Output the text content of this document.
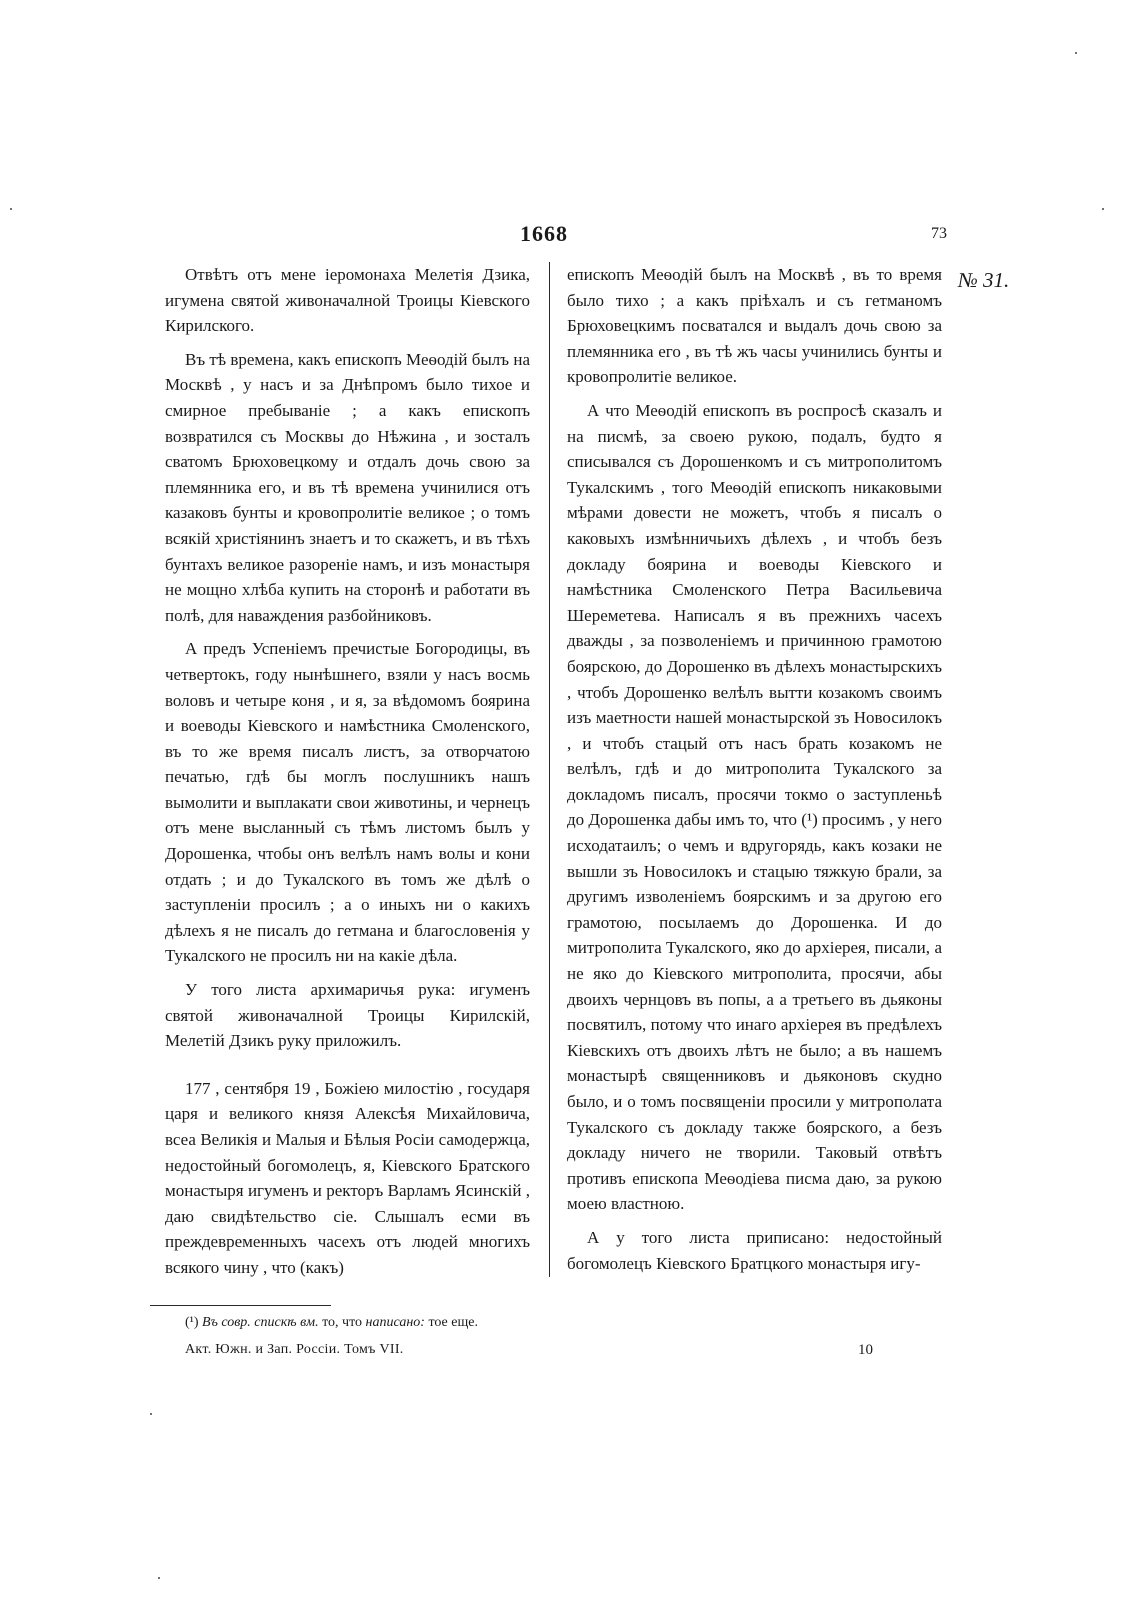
1668	73
№ 31.

Отвѣтъ отъ мене іеромонаха Мелетія Дзика, игумена святой живоначалной Троицы Кіевского Кирилского.

Въ тѣ времена, какъ епископъ Меѳодій былъ на Москвѣ , у насъ и за Днѣпромъ было тихое и смирное пребываніе ; а какъ епископъ возвратился съ Москвы до Нѣжина , и зосталъ сватомъ Брюховецкому и отдалъ дочь свою за племянника его, и въ тѣ времена учинилися отъ казаковъ бунты и кровопролитіе великое ; о томъ всякій христіянинъ знаетъ и то скажетъ, и въ тѣхъ бунтахъ великое разореніе намъ, и изъ монастыря не мощно хлѣба купить на сторонѣ и работати въ полѣ, для наваждения разбойниковъ.

А предъ Успеніемъ пречистые Богородицы, въ четвертокъ, году нынѣшнего, взяли у насъ восмь воловъ и четыре коня , и я, за вѣдомомъ боярина и воеводы Кіевского и намѣстника Смоленского, въ то же время писалъ листъ, за отворчатою печатью, гдѣ бы моглъ послушникъ нашъ вымолити и выплакати свои животины, и чернецъ отъ мене высланный съ тѣмъ листомъ былъ у Дорошенка, чтобы онъ велѣлъ намъ волы и кони отдать ; и до Тукалского въ томъ же дѣлѣ о заступленіи просилъ ; а о иныхъ ни о какихъ дѣлехъ я не писалъ до гетмана и благословенія у Тукалского не просилъ ни на какіе дѣла.

У того листа архимаричья рука: игуменъ святой живоначалной Троицы Кирилскій, Мелетій Дзикъ руку приложилъ.

177 , сентября 19 , Божіею милостію , государя царя и великого князя Алексѣя Михайловича, всеа Великія и Малыя и Бѣлыя Росіи самодержца, недостойный богомолецъ, я, Кіевского Братского монастыря игуменъ и ректоръ Варламъ Ясинскій , даю свидѣтельство сіе. Слышалъ есми въ преждевременныхъ часехъ отъ людей многихъ всякого чину , что (какъ)

епископъ Меѳодій былъ на Москвѣ , въ то время было тихо ; а какъ пріѣхалъ и съ гетманомъ Брюховецкимъ посватался и выдалъ дочь свою за племянника его , въ тѣ жъ часы учинились бунты и кровопролитіе великое.

А что Меѳодій епископъ въ роспросѣ сказалъ и на писмѣ, за своею рукою, подалъ, будто я списывался съ Дорошенкомъ и съ митрополитомъ Тукалскимъ , того Меѳодій епископъ никаковыми мѣрами довести не можетъ, чтобъ я писалъ о каковыхъ измѣнничьихъ дѣлехъ , и чтобъ безъ докладу боярина и воеводы Кіевского и намѣстника Смоленского Петра Васильевича Шереметева. Написалъ я въ прежнихъ часехъ дважды , за позволеніемъ и причинною грамотою боярскою, до Дорошенко въ дѣлехъ монастырскихъ , чтобъ Дорошенко велѣлъ вытти козакомъ своимъ изъ маетности нашей монастырской зъ Новосилокъ , и чтобъ стацый отъ насъ брать козакомъ не велѣлъ, гдѣ и до митрополита Тукалского за докладомъ писалъ, просячи токмо о заступленьѣ до Дорошенка дабы имъ то, что (¹) просимъ , у него исходатаилъ; о чемъ и вдругорядь, какъ козаки не вышли зъ Новосилокъ и стацыю тяжкую брали, за другимъ изволеніемъ боярскимъ и за другою его грамотою, посылаемъ до Дорошенка. И до митрополита Тукалского, яко до архіерея, писали, а не яко до Кіевского митрополита, просячи, абы двоихъ чернцовъ въ попы, а а третьего въ дьяконы посвятилъ, потому что инаго архіерея въ предѣлехъ Кіевскихъ отъ двоихъ лѣтъ не было; а въ нашемъ монастырѣ священниковъ и дьяконовъ скудно было, и о томъ посвященіи просили у митрополата Тукалского съ докладу также боярского, а безъ докладу ничего не творили. Таковый отвѣтъ противъ епископа Меѳодіева писма даю, за рукою моею властною.

А у того листа приписано: недостойный богомолецъ Кіевского Братцкого монастыря игу-

(¹) Въ совр. спискѣ вм. то, что написано: тое еще.
Акт. Южн. и Зап. Россіи. Томъ VII.	10
